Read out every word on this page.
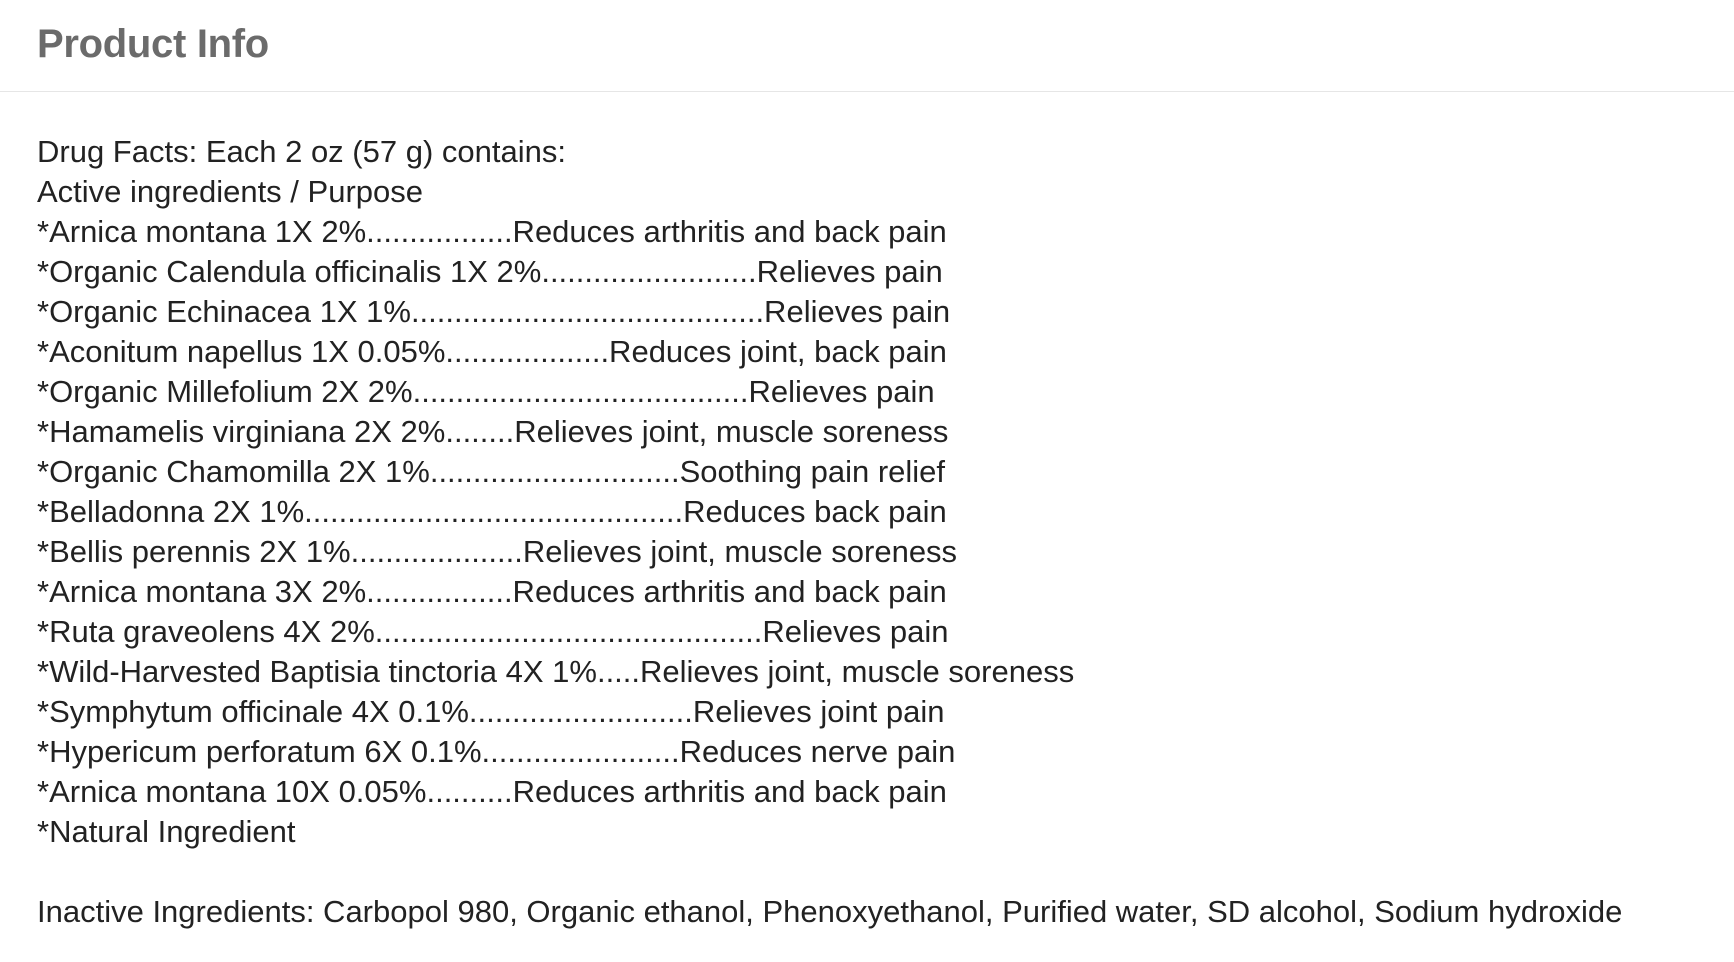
Product Info
Drug Facts: Each 2 oz (57 g) contains:
Active ingredients / Purpose
*Arnica montana 1X 2%.................Reduces arthritis and back pain
*Organic Calendula officinalis 1X 2%.........................Relieves pain
*Organic Echinacea 1X 1%.........................................Relieves pain
*Aconitum napellus 1X 0.05%...................Reduces joint, back pain
*Organic Millefolium 2X 2%.......................................Relieves pain
*Hamamelis virginiana 2X 2%........Relieves joint, muscle soreness
*Organic Chamomilla 2X 1%.............................Soothing pain relief
*Belladonna 2X 1%............................................Reduces back pain
*Bellis perennis 2X 1%....................Relieves joint, muscle soreness
*Arnica montana 3X 2%.................Reduces arthritis and back pain
*Ruta graveolens 4X 2%.............................................Relieves pain
*Wild-Harvested Baptisia tinctoria 4X 1%.....Relieves joint, muscle soreness
*Symphytum officinale 4X 0.1%..........................Relieves joint pain
*Hypericum perforatum 6X 0.1%.......................Reduces nerve pain
*Arnica montana 10X 0.05%..........Reduces arthritis and back pain
*Natural Ingredient
Inactive Ingredients: Carbopol 980, Organic ethanol, Phenoxyethanol, Purified water, SD alcohol, Sodium hydroxide
